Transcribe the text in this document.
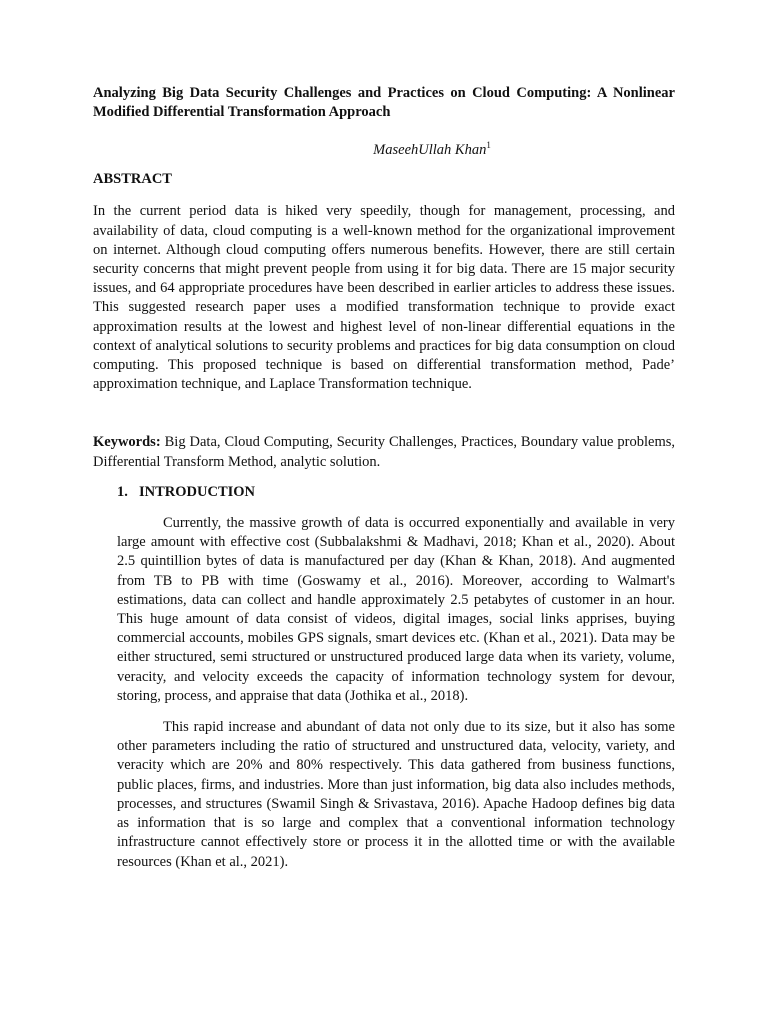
Analyzing Big Data Security Challenges and Practices on Cloud Computing: A Nonlinear Modified Differential Transformation Approach

MaseehUllah Khan$^1$

ABSTRACT

In the current period data is hiked very speedily, though for management, processing, and availability of data, cloud computing is a well-known method for the organizational improvement on internet. Although cloud computing offers numerous benefits. However, there are still certain security concerns that might prevent people from using it for big data. There are 15 major security issues, and 64 appropriate procedures have been described in earlier articles to address these issues. This suggested research paper uses a modified transformation technique to provide exact approximation results at the lowest and highest level of non-linear differential equations in the context of analytical solutions to security problems and practices for big data consumption on cloud computing. This proposed technique is based on differential transformation method, Pade’ approximation technique, and Laplace Transformation technique.

Keywords: Big Data, Cloud Computing, Security Challenges, Practices, Boundary value problems, Differential Transform Method, analytic solution.

1. INTRODUCTION

Currently, the massive growth of data is occurred exponentially and available in very large amount with effective cost (Subbalakshmi & Madhavi, 2018; Khan et al., 2020). About 2.5 quintillion bytes of data is manufactured per day (Khan & Khan, 2018). And augmented from TB to PB with time (Goswamy et al., 2016). Moreover, according to Walmart's estimations, data can collect and handle approximately 2.5 petabytes of customer in an hour. This huge amount of data consist of videos, digital images, social links apprises, buying commercial accounts, mobiles GPS signals, smart devices etc. (Khan et al., 2021). Data may be either structured, semi structured or unstructured produced large data when its variety, volume, veracity, and velocity exceeds the capacity of information technology system for devour, storing, process, and appraise that data (Jothika et al., 2018).

This rapid increase and abundant of data not only due to its size, but it also has some other parameters including the ratio of structured and unstructured data, velocity, variety, and veracity which are 20% and 80% respectively. This data gathered from business functions, public places, firms, and industries. More than just information, big data also includes methods, processes, and structures (Swamil Singh & Srivastava, 2016). Apache Hadoop defines big data as information that is so large and complex that a conventional information technology infrastructure cannot effectively store or process it in the allotted time or with the available resources (Khan et al., 2021).
